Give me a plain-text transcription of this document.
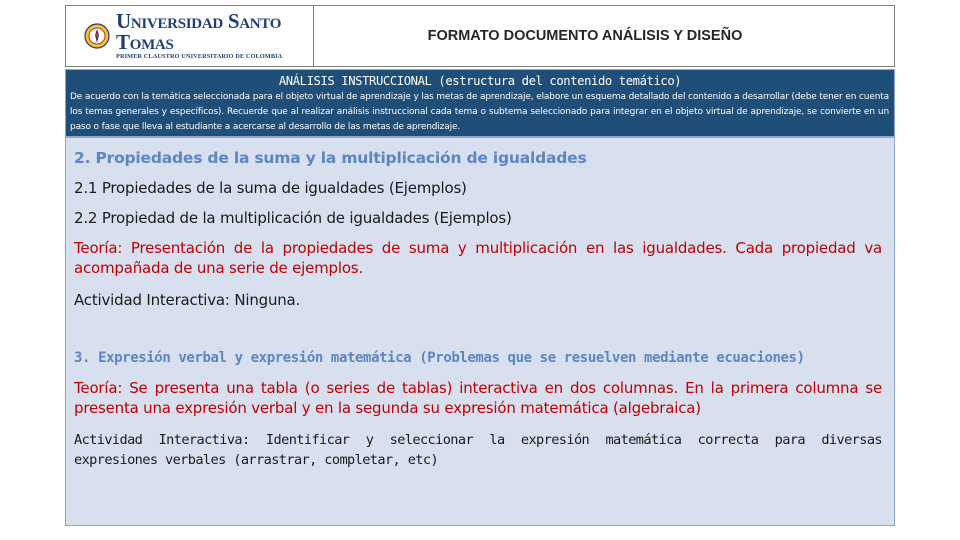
Universidad Santo Tomas
PRIMER CLAUSTRO UNIVERSITARIO DE COLOMBIA
FORMATO DOCUMENTO ANÁLISIS Y DISEÑO
ANÁLISIS INSTRUCCIONAL (estructura del contenido temático)
De acuerdo con la temática seleccionada para el objeto virtual de aprendizaje y las metas de aprendizaje, elabore un esquema detallado del contenido a desarrollar (debe tener en cuenta los temas generales y específicos). Recuerde que al realizar análisis instruccional cada tema o subtema seleccionado para integrar en el objeto virtual de aprendizaje, se convierte en un paso o fase que lleva al estudiante a acercarse al desarrollo de las metas de aprendizaje.

2. Propiedades de la suma y la multiplicación de igualdades

2.1 Propiedades de la suma de igualdades (Ejemplos)

2.2 Propiedad de la multiplicación de igualdades (Ejemplos)

Teoría: Presentación de la propiedades de suma y multiplicación en las igualdades. Cada propiedad va acompañada de una serie de ejemplos.

Actividad Interactiva: Ninguna.

3. Expresión verbal y expresión matemática (Problemas que se resuelven mediante ecuaciones)

Teoría: Se presenta una tabla (o series de tablas) interactiva en dos columnas. En la primera columna se presenta una expresión verbal y en la segunda su expresión matemática (algebraica)

Actividad Interactiva: Identificar y seleccionar la expresión matemática correcta para diversas expresiones verbales (arrastrar, completar, etc)
